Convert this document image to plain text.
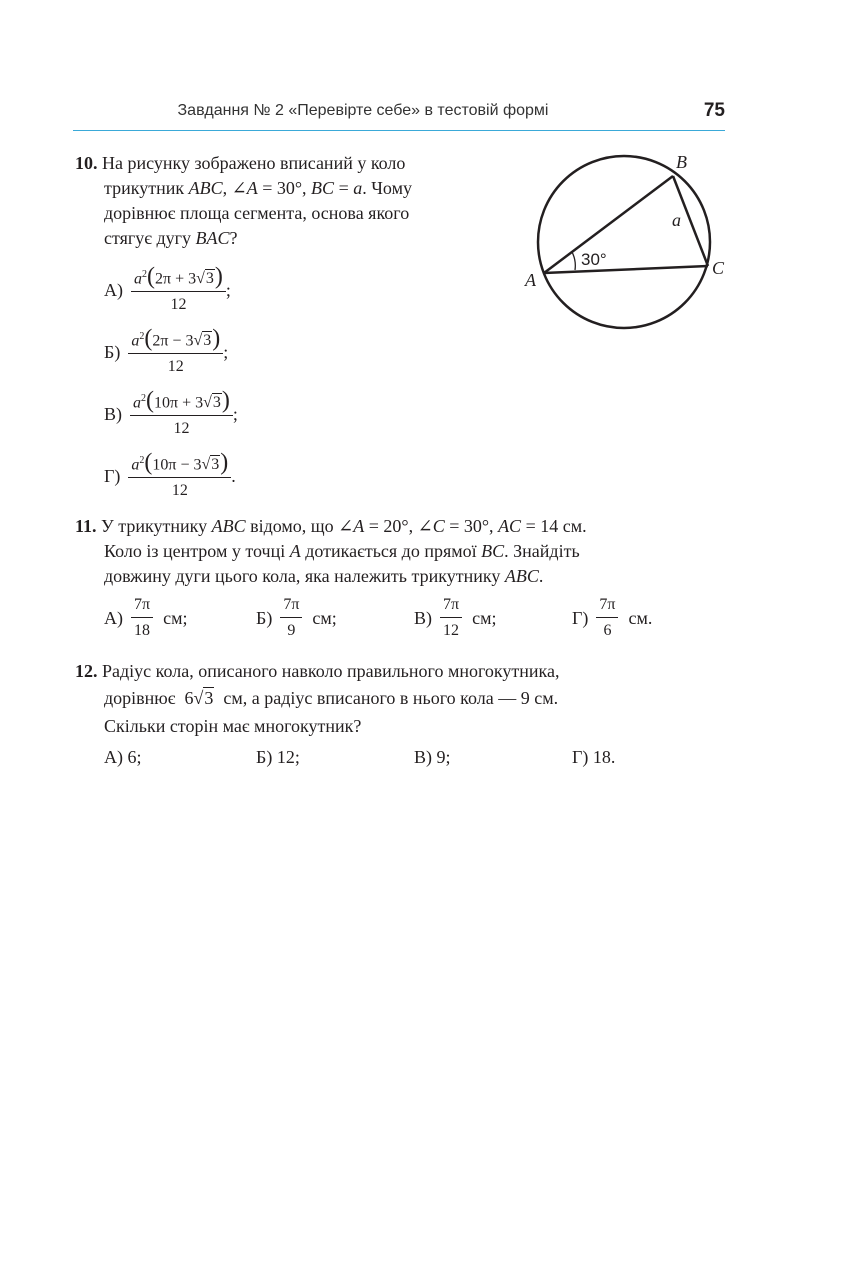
Завдання № 2 «Перевірте себе» в тестовій формі	75
10. На рисунку зображено вписаний у коло
трикутник ABC, ∠A = 30°, BC = a. Чому
дорівнює площа сегмента, основа якого
стягує дугу BAC?
$А) \frac{a^2(2\pi + 3√3)}{12}$ ;
$Б) \frac{a^2(2\pi - 3√3)}{12}$ ;
$В) \frac{a^2(10\pi + 3√3)}{12}$ ;
$Г) \frac{a^2(10\pi - 3√3)}{12}$ .
A
B
C
a
30°
11. У трикутнику ABC відомо, що ∠A = 20°, ∠C = 30°, AC = 14 см.
Коло із центром у точці A дотикається до прямої BC. Знайдіть
довжину дуги цього кола, яка належить трикутнику ABC.
$А) \frac{7\pi}{18}$ см;	$Б) \frac{7\pi}{9}$ см;	$В) \frac{7\pi}{12}$ см;	$Г) \frac{7\pi}{6}$ см.
12. Радіус кола, описаного навколо правильного многокутника,
дорівнює 6√3 см, а радіус вписаного в нього кола — 9 см.
Скільки сторін має многокутник?
А) 6;	Б) 12;	В) 9;	Г) 18.
